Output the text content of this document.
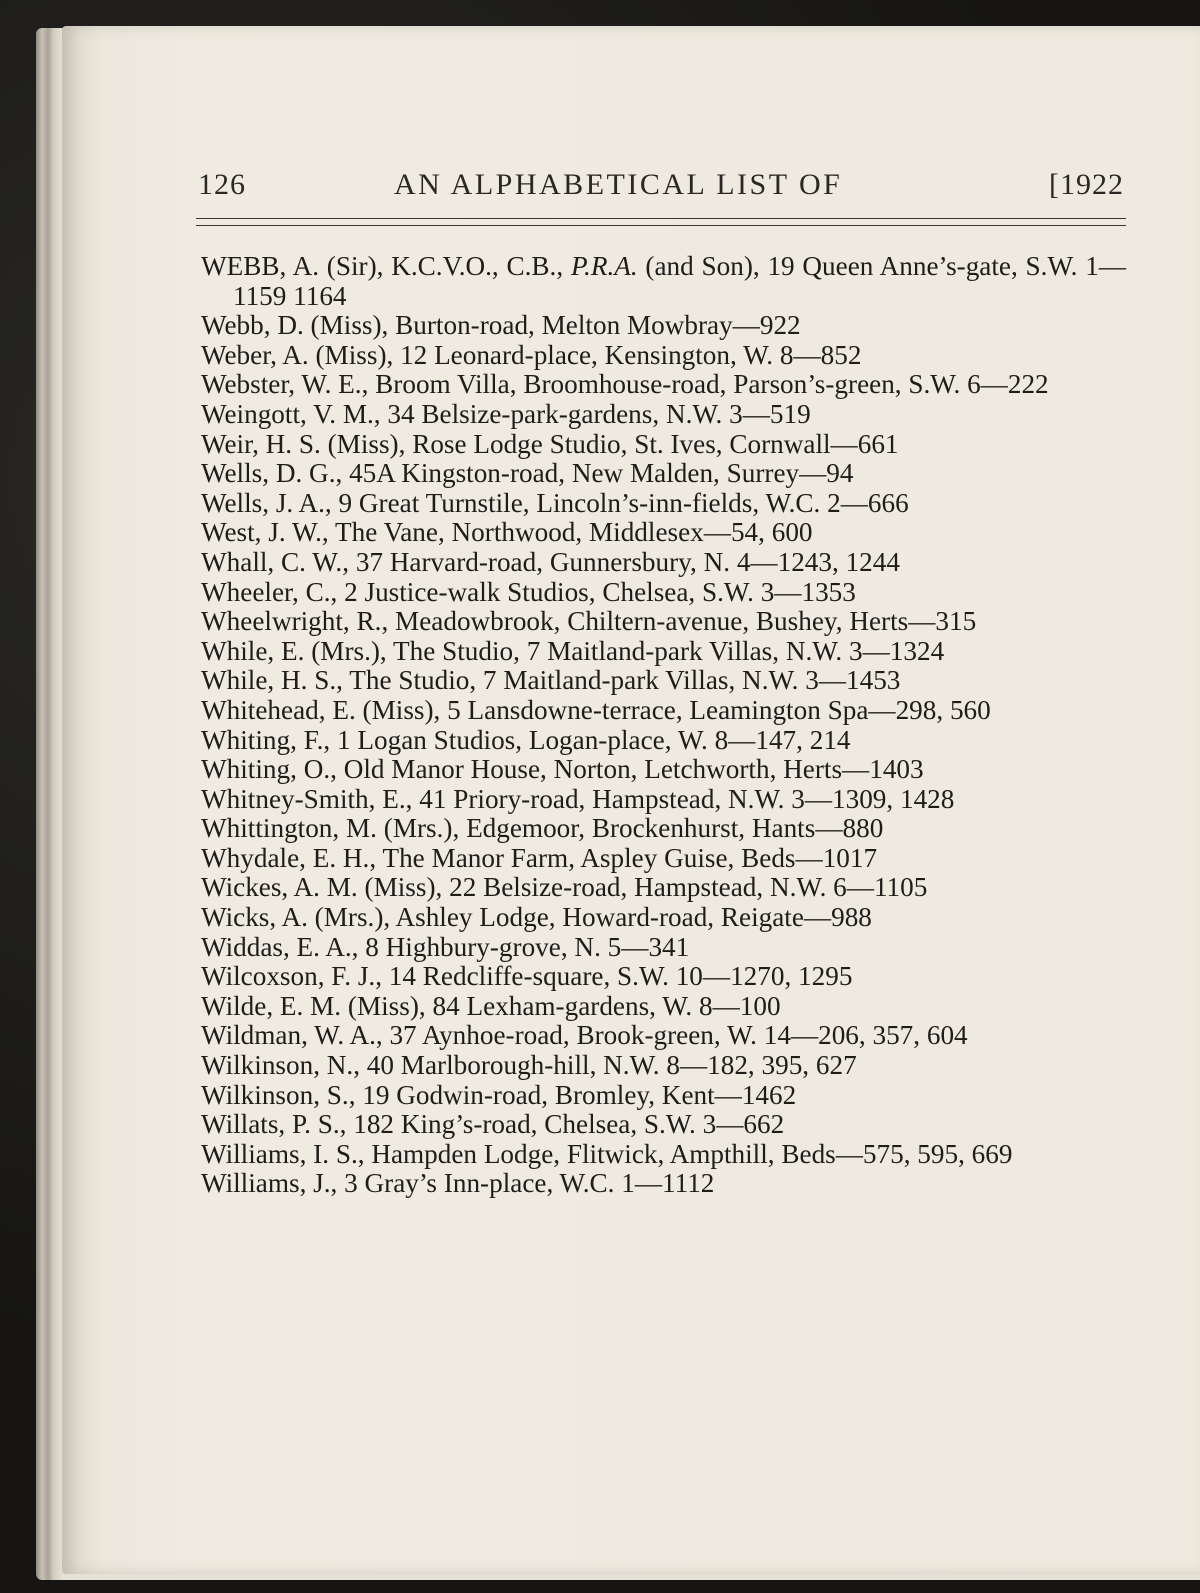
126	AN ALPHABETICAL LIST OF	[1922
WEBB, A. (Sir), K.C.V.O., C.B., P.R.A. (and Son), 19 Queen Anne’s-gate, S.W. 1—1159 1164
Webb, D. (Miss), Burton-road, Melton Mowbray—922
Weber, A. (Miss), 12 Leonard-place, Kensington, W. 8—852
Webster, W. E., Broom Villa, Broomhouse-road, Parson’s-green, S.W. 6—222
Weingott, V. M., 34 Belsize-park-gardens, N.W. 3—519
Weir, H. S. (Miss), Rose Lodge Studio, St. Ives, Cornwall—661
Wells, D. G., 45A Kingston-road, New Malden, Surrey—94
Wells, J. A., 9 Great Turnstile, Lincoln’s-inn-fields, W.C. 2—666
West, J. W., The Vane, Northwood, Middlesex—54, 600
Whall, C. W., 37 Harvard-road, Gunnersbury, N. 4—1243, 1244
Wheeler, C., 2 Justice-walk Studios, Chelsea, S.W. 3—1353
Wheelwright, R., Meadowbrook, Chiltern-avenue, Bushey, Herts—315
While, E. (Mrs.), The Studio, 7 Maitland-park Villas, N.W. 3—1324
While, H. S., The Studio, 7 Maitland-park Villas, N.W. 3—1453
Whitehead, E. (Miss), 5 Lansdowne-terrace, Leamington Spa—298, 560
Whiting, F., 1 Logan Studios, Logan-place, W. 8—147, 214
Whiting, O., Old Manor House, Norton, Letchworth, Herts—1403
Whitney-Smith, E., 41 Priory-road, Hampstead, N.W. 3—1309, 1428
Whittington, M. (Mrs.), Edgemoor, Brockenhurst, Hants—880
Whydale, E. H., The Manor Farm, Aspley Guise, Beds—1017
Wickes, A. M. (Miss), 22 Belsize-road, Hampstead, N.W. 6—1105
Wicks, A. (Mrs.), Ashley Lodge, Howard-road, Reigate—988
Widdas, E. A., 8 Highbury-grove, N. 5—341
Wilcoxson, F. J., 14 Redcliffe-square, S.W. 10—1270, 1295
Wilde, E. M. (Miss), 84 Lexham-gardens, W. 8—100
Wildman, W. A., 37 Aynhoe-road, Brook-green, W. 14—206, 357, 604
Wilkinson, N., 40 Marlborough-hill, N.W. 8—182, 395, 627
Wilkinson, S., 19 Godwin-road, Bromley, Kent—1462
Willats, P. S., 182 King’s-road, Chelsea, S.W. 3—662
Williams, I. S., Hampden Lodge, Flitwick, Ampthill, Beds—575, 595, 669
Williams, J., 3 Gray’s Inn-place, W.C. 1—1112
